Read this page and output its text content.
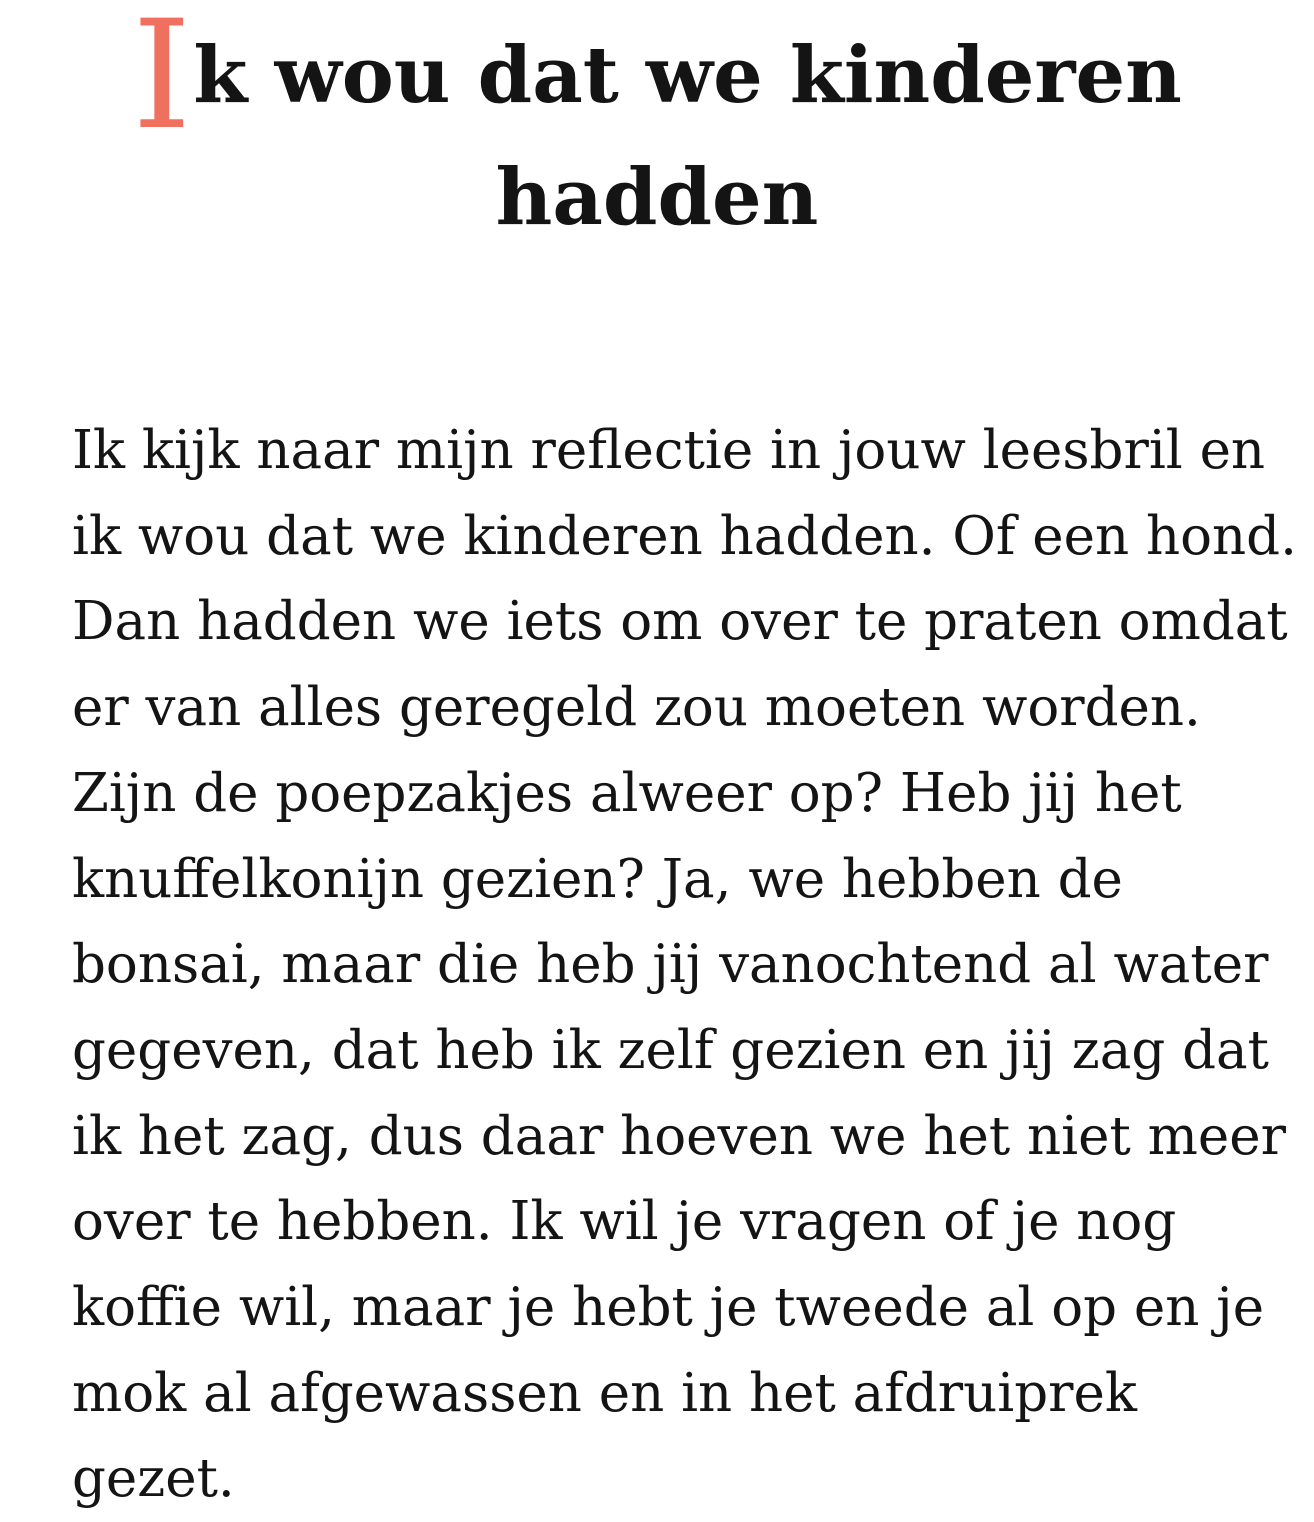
Ik wou dat we kinderen
hadden
Ik kijk naar mijn reflectie in jouw leesbril en
ik wou dat we kinderen hadden. Of een hond.
Dan hadden we iets om over te praten omdat
er van alles geregeld zou moeten worden.
Zijn de poepzakjes alweer op? Heb jij het
knuffelkonijn gezien? Ja, we hebben de
bonsai, maar die heb jij vanochtend al water
gegeven, dat heb ik zelf gezien en jij zag dat
ik het zag, dus daar hoeven we het niet meer
over te hebben. Ik wil je vragen of je nog
koffie wil, maar je hebt je tweede al op en je
mok al afgewassen en in het afdruiprek
gezet.
